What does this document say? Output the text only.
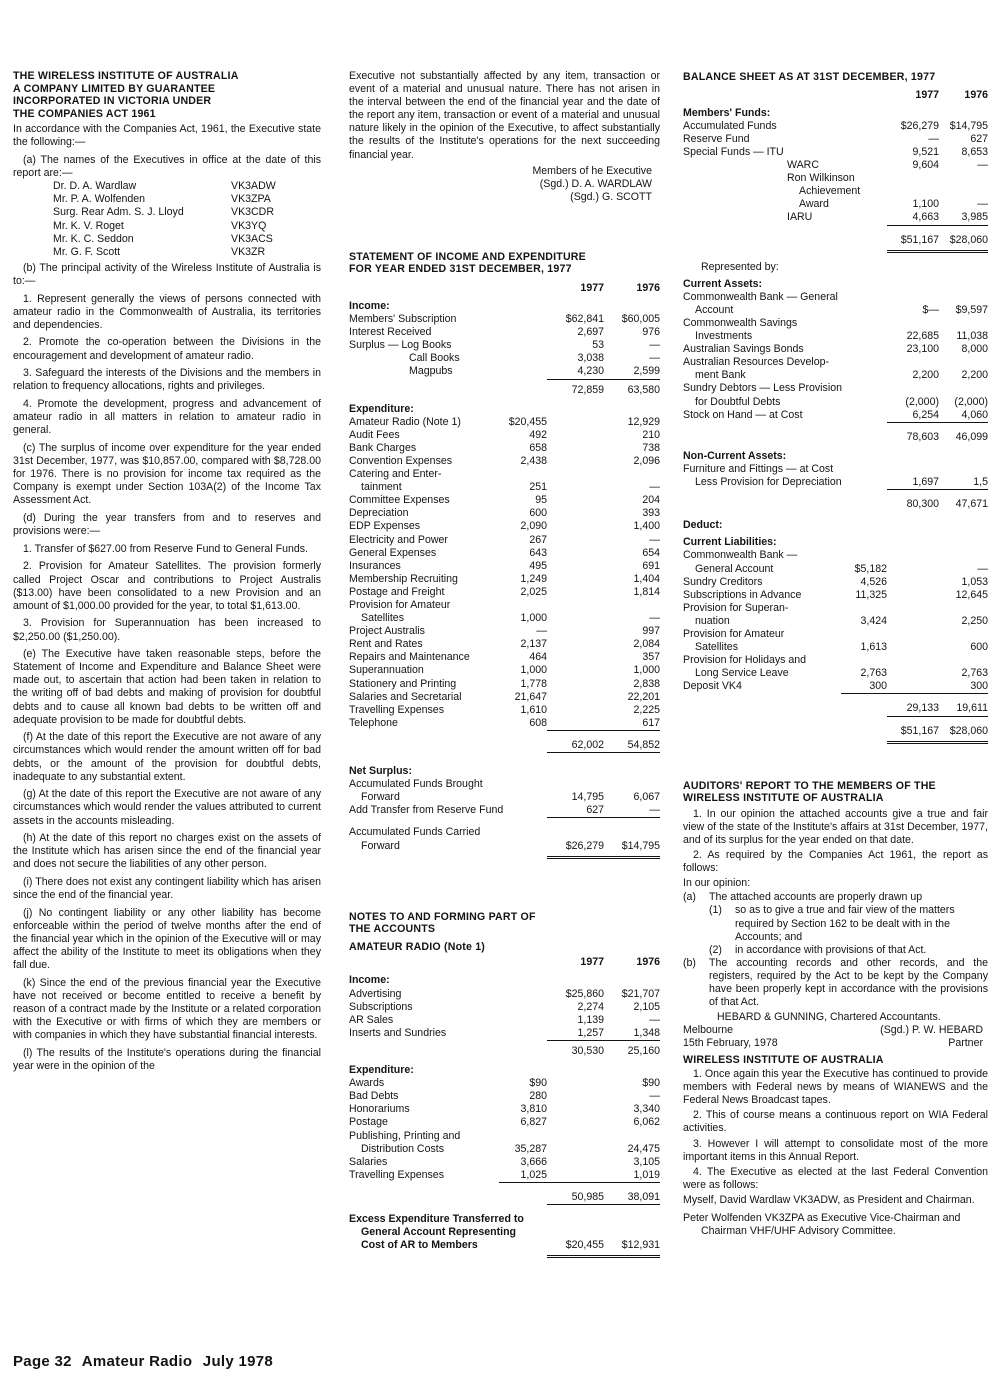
THE WIRELESS INSTITUTE OF AUSTRALIA
A COMPANY LIMITED BY GUARANTEE
INCORPORATED IN VICTORIA UNDER
THE COMPANIES ACT 1961

In accordance with the Companies Act, 1961, the Executive state the following:—

(a) The names of the Executives in office at the date of this report are:—

Dr. D. A. Wardlaw	VK3ADW
Mr. P. A. Wolfenden	VK3ZPA
Surg. Rear Adm. S. J. Lloyd	VK3CDR
Mr. K. V. Roget	VK3YQ
Mr. K. C. Seddon	VK3ACS
Mr. G. F. Scott	VK3ZR

(b) The principal activity of the Wireless Institute of Australia is to:—

1. Represent generally the views of persons connected with amateur radio in the Commonwealth of Australia, its territories and dependencies.

2. Promote the co-operation between the Divisions in the encouragement and development of amateur radio.

3. Safeguard the interests of the Divisions and the members in relation to frequency allocations, rights and privileges.

4. Promote the development, progress and advancement of amateur radio in all matters in relation to amateur radio in general.

(c) The surplus of income over expenditure for the year ended 31st December, 1977, was $10,857.00, compared with $8,728.00 for 1976. There is no provision for income tax required as the Company is exempt under Section 103A(2) of the Income Tax Assessment Act.

(d) During the year transfers from and to reserves and provisions were:—

1. Transfer of $627.00 from Reserve Fund to General Funds.

2. Provision for Amateur Satellites. The provision formerly called Project Oscar and contributions to Project Australis ($13.00) have been consolidated to a new Provision and an amount of $1,000.00 provided for the year, to total $1,613.00.

3. Provision for Superannuation has been increased to $2,250.00 ($1,250.00).

(e) The Executive have taken reasonable steps, before the Statement of Income and Expenditure and Balance Sheet were made out, to ascertain that action had been taken in relation to the writing off of bad debts and making of provision for doubtful debts and to cause all known bad debts to be written off and adequate provision to be made for doubtful debts.

(f) At the date of this report the Executive are not aware of any circumstances which would render the amount written off for bad debts, or the amount of the provision for doubtful debts, inadequate to any substantial extent.

(g) At the date of this report the Executive are not aware of any circumstances which would render the values attributed to current assets in the accounts misleading.

(h) At the date of this report no charges exist on the assets of the Institute which has arisen since the end of the financial year and does not secure the liabilities of any other person.

(i) There does not exist any contingent liability which has arisen since the end of the financial year.

(j) No contingent liability or any other liability has become enforceable within the period of twelve months after the end of the financial year which in the opinion of the Executive will or may affect the ability of the Institute to meet its obligations when they fall due.

(k) Since the end of the previous financial year the Executive have not received or become entitled to receive a benefit by reason of a contract made by the Institute or a related corporation with the Executive or with firms of which they are members or with companies in which they have substantial financial interests.

(l) The results of the Institute's operations during the financial year were in the opinion of the

Executive not substantially affected by any item, transaction or event of a material and unusual nature. There has not arisen in the interval between the end of the financial year and the date of the report any item, transaction or event of a material and unusual nature likely in the opinion of the Executive, to affect substantially the results of the Institute's operations for the next succeeding financial year.

Members of he Executive
(Sgd.) D. A. WARDLAW
(Sgd.) G. SCOTT
STATEMENT OF INCOME AND EXPENDITURE
FOR YEAR ENDED 31ST DECEMBER, 1977
		1977	1976
Income:			
Members' Subscription		$62,841	$60,005
Interest Received		2,697	976
Surplus — Log Books		53	—
Call Books		3,038	—
Magpubs		4,230	2,599
		72,859	63,580
Expenditure:			
Amateur Radio (Note 1)	$20,455		12,929
Audit Fees	492		210
Bank Charges	658		738
Convention Expenses	2,438		2,096
Catering and Enter-			
tainment	251		—
Committee Expenses	95		204
Depreciation	600		393
EDP Expenses	2,090		1,400
Electricity and Power	267		—
General Expenses	643		654
Insurances	495		691
Membership Recruiting	1,249		1,404
Postage and Freight	2,025		1,814
Provision for Amateur			
Satellites	1,000		—
Project Australis	—		997
Rent and Rates	2,137		2,084
Repairs and Maintenance	464		357
Superannuation	1,000		1,000
Stationery and Printing	1,778		2,838
Salaries and Secretarial	21,647		22,201
Travelling Expenses	1,610		2,225
Telephone	608		617

		62,002	54,852

Net Surplus:			
Accumulated Funds Brought			
Forward		14,795	6,067
Add Transfer from Reserve Fund		627	—

Accumulated Funds Carried			
Forward		$26,279	$14,795
NOTES TO AND FORMING PART OF
THE ACCOUNTS
AMATEUR RADIO (Note 1)
		1977	1976
Income:			
Advertising		$25,860	$21,707
Subscriptions		2,274	2,105
AR Sales		1,139	—
Inserts and Sundries		1,257	1,348
		30,530	25,160
Expenditure:			
Awards	$90		$90
Bad Debts	280		—
Honorariums	3,810		3,340
Postage	6,827		6,062
Publishing, Printing and			
Distribution Costs	35,287		24,475
Salaries	3,666		3,105
Travelling Expenses	1,025		1,019

		50,985	38,091

Excess Expenditure Transferred to			
General Account Representing			
Cost of AR to Members		$20,455	$12,931
BALANCE SHEET AS AT 31ST DECEMBER, 1977
		1977	1976
Members' Funds:			
Accumulated Funds		$26,279	$14,795
Reserve Fund		—	627
Special Funds — ITU		9,521	8,653
WARC		9,604	—
Ron Wilkinson			
Achievement			
Award		1,100	—
IARU		4,663	3,985

		$51,167	$28,060

Represented by:			
Current Assets:			
Commonwealth Bank — General			
Account		$—	$9,597
Commonwealth Savings			
Investments		22,685	11,038
Australian Savings Bonds		23,100	8,000
Australian Resources Develop-			
ment Bank		2,200	2,200
Sundry Debtors — Less Provision			
for Doubtful Debts		(2,000)	(2,000)
Stock on Hand — at Cost		6,254	4,060

		78,603	46,099
Non-Current Assets:			
Furniture and Fittings — at Cost			
Less Provision for Depreciation		1,697	1,5

		80,300	47,671
Deduct:			
Current Liabilities:			
Commonwealth Bank —			
General Account	$5,182		—
Sundry Creditors	4,526		1,053
Subscriptions in Advance	11,325		12,645
Provision for Superan-			
nuation	3,424		2,250
Provision for Amateur			
Satellites	1,613		600
Provision for Holidays and			
Long Service Leave	2,763		2,763
Deposit VK4	300		300

		29,133	19,611

		$51,167	$28,060
AUDITORS' REPORT TO THE MEMBERS OF THE
WIRELESS INSTITUTE OF AUSTRALIA

1. In our opinion the attached accounts give a true and fair view of the state of the Institute's affairs at 31st December, 1977, and of its surplus for the year ended on that date.

2. As required by the Companies Act 1961, the report as follows:

In our opinion:

(a)	The attached accounts are properly drawn up
(1)	so as to give a true and fair view of the matters required by Section 162 to be dealt with in the Accounts; and
(2)	in accordance with provisions of that Act.
(b)	The accounting records and other records, and the registers, required by the Act to be kept by the Company have been properly kept in accordance with the provisions of that Act.
HEBARD & GUNNING, Chartered Accountants.
Melbourne	(Sgd.) P. W. HEBARD
15th February, 1978	Partner
WIRELESS INSTITUTE OF AUSTRALIA

1. Once again this year the Executive has continued to provide members with Federal news by means of WIANEWS and the Federal News Broadcast tapes.

2. This of course means a continuous report on WIA Federal activities.

3. However I will attempt to consolidate most of the more important items in this Annual Report.

4. The Executive as elected at the last Federal Convention were as follows:

Myself, David Wardlaw VK3ADW, as President and Chairman.

Peter Wolfenden VK3ZPA as Executive Vice-Chairman and Chairman VHF/UHF Advisory Committee.

Page 32 Amateur Radio July 1978
